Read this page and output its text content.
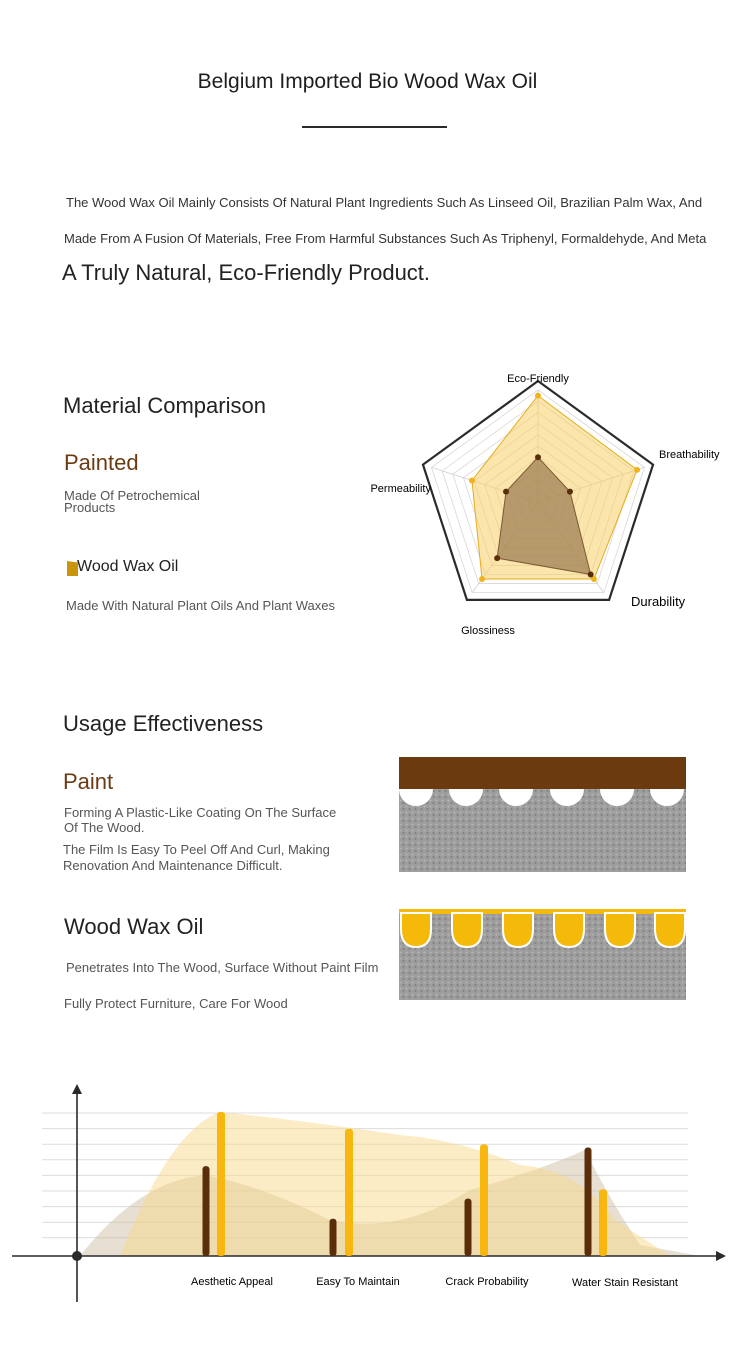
Belgium Imported Bio Wood Wax Oil
The Wood Wax Oil Mainly Consists Of Natural Plant Ingredients Such As Linseed Oil, Brazilian Palm Wax, And
Made From A Fusion Of Materials, Free From Harmful Substances Such As Triphenyl, Formaldehyde, And Meta
A Truly Natural, Eco-Friendly Product.
Material Comparison
Painted
Made Of Petrochemical
Products
Wood Wax Oil
Made With Natural Plant Oils And Plant Waxes
Eco-Friendly
Breathability
Durability
Glossiness
Permeability
Usage Effectiveness
Paint
Forming A Plastic-Like Coating On The Surface
Of The Wood.
The Film Is Easy To Peel Off And Curl, Making
Renovation And Maintenance Difficult.
Wood Wax Oil
Penetrates Into The Wood, Surface Without Paint Film
Fully Protect Furniture, Care For Wood
Aesthetic Appeal	Easy To Maintain	Crack Probability	Water Stain Resistant
